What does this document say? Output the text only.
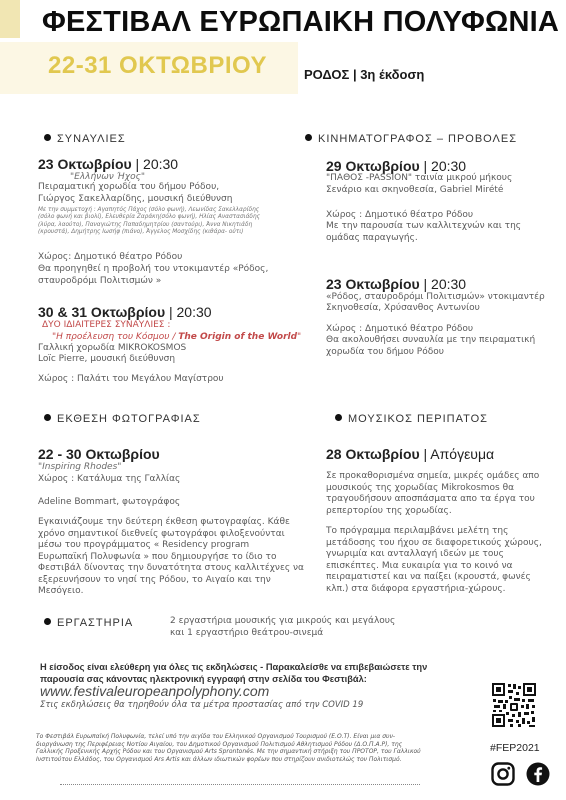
ΦΕΣΤΙΒΑΛ ΕΥΡΩΠΑΙΚΗ ΠΟΛΥΦΩΝΙΑ
22-31 ΟΚΤΩΒΡΙΟΥ	ΡΟΔΟΣ | 3η έκδοση
ΣΥΝΑΥΛΙΕΣ
23 Οκτωβρίου | 20:30
"Ελλήνων Ήχος"
Πειραματική χορωδία του δήμου Ρόδου,
Γιώργος Σακελλαρίδης, μουσική διεύθυνση
Με την συμμετοχή : Αγαπητός Πάχος (σόλο φωνή), Λεωνίδας Σακελλαρίδης
(σόλο φωνή και βιολί), Ελευθερία Ζαράκη(σόλο φωνή), Ηλίας Αναστασιάδης
(λύρα, λαούτο), Παναγιώτης Παπαδημητρίου (σαντούρι), Άννα Νικητιάδη
(κρουστά), Δημήτρης Ιωσήφ (πιάνο), Άγγελος Μοσχίδης (κιθάρα- ούτι)
Χώρος: Δημοτικό θέατρο Ρόδου
Θα προηγηθεί η προβολή του ντοκιμαντέρ «Ρόδος,
σταυροδρόμι Πολιτισμών »
30 & 31 Οκτωβρίου | 20:30
ΔΥΟ ΙΔΙΑΙΤΕΡΕΣ ΣΥΝΑΥΛΙΕΣ :
"Η προέλευση του Κόσμου / The Origin of the World"
Γαλλική χορωδία MIKROKOSMOS
Loïc Pierre, μουσική διεύθυνση
Χώρος : Παλάτι του Μεγάλου Μαγίστρου
ΚΙΝΗΜΑΤΟΓΡΑΦΟΣ – ΠΡΟΒΟΛΕΣ
29 Οκτωβρίου | 20:30
"ΠΑΘΟΣ -PASSION" ταινία μικρού μήκους
Σενάριο και σκηνοθεσία, Gabriel Mirété
Χώρος : Δημοτικό θέατρο Ρόδου
Με την παρουσία των καλλιτεχνών και της
ομάδας παραγωγής.
23 Οκτωβρίου | 20:30
«Ρόδος, σταυροδρόμι Πολιτισμών» ντοκιμαντέρ
Σκηνοθεσία, Χρύσανθος Αντωνίου
Χώρος : Δημοτικό θέατρο Ρόδου
Θα ακολουθήσει συναυλία με την πειραματική
χορωδία του δήμου Ρόδου
ΕΚΘΕΣΗ ΦΩΤΟΓΡΑΦΙΑΣ
22 - 30 Οκτωβρίου
"Inspiring Rhodes"
Χώρος : Κατάλυμα της Γαλλίας
Adeline Bommart, φωτογράφος
Εγκαινιάζουμε την δεύτερη έκθεση φωτογραφίας. Κάθε
χρόνο σημαντικοί διεθνείς φωτογράφοι φιλοξενούνται
μέσω του προγράμματος « Residency program
Ευρωπαϊκή Πολυφωνία » που δημιουργήσε το ίδιο το
Φεστιβάλ δίνοντας την δυνατότητα στους καλλιτέχνες να
εξερευνήσουν το νησί της Ρόδου, το Αιγαίο και την
Μεσόγειο.
ΜΟΥΣΙΚΟΣ ΠΕΡΙΠΑΤΟΣ
28 Οκτωβρίου | Απόγευμα
Σε προκαθορισμένα σημεία, μικρές ομάδες απο
μουσικούς της χορωδίας Mikrokosmos θα
τραγουδήσουν αποσπάσματα απο τα έργα του
ρεπερτορίου της χορωδίας.
Το πρόγραμμα περιλαμβάνει μελέτη της
μετάδοσης του ήχου σε διαφορετικούς χώρους,
γνωριμία και ανταλλαγή ιδεών με τους
επισκέπτες. Μια ευκαιρία για το κοινό να
πειραματιστεί και να παίξει (κρουστά, φωνές
κλπ.) στα διάφορα εργαστήρια-χώρους.
ΕΡΓΑΣΤΗΡΙΑ	2 εργαστήρια μουσικής για μικρούς και μεγάλους
και 1 εργαστήριο θεάτρου-σινεμά
Η είσοδος είναι ελεύθερη για όλες τις εκδηλώσεις - Παρακαλείσθε να επιβεβαιώσετε την
παρουσία σας κάνοντας ηλεκτρονική εγγραφή στην σελίδα του Φεστιβάλ:
www.festivaleuropeanpolyphony.com
Στις εκδηλώσεις θα τηρηθούν όλα τα μέτρα προστασίας από την COVID 19
Το Φεστιβάλ Ευρωπαϊκή Πολυφωνία, τελεί υπό την αιγίδα του Ελληνικού Οργανισμού Τουρισμού (Ε.Ο.Τ). Είναι μια συν-
διοργάνωση της Περιφέρειας Νοτίου Αιγαίου, του Δημοτικού Οργανισμού Πολιτισμού Αθλητισμού Ρόδου (Δ.Ο.Π.Α.Ρ), της
Γαλλικής Προξενικής Αρχής Ρόδου και του Οργανισμού Arts Sprontonés. Με την σημαντική στήριξη του ΠΡΟΤΟΡ, του Γαλλικού
Ινστιτούτου Ελλάδος, του Οργανισμού Ars Artis και άλλων ιδιωτικών φορέων που στηρίζουν ανιδιοτελώς τον Πολιτισμό.
#FEP2021
